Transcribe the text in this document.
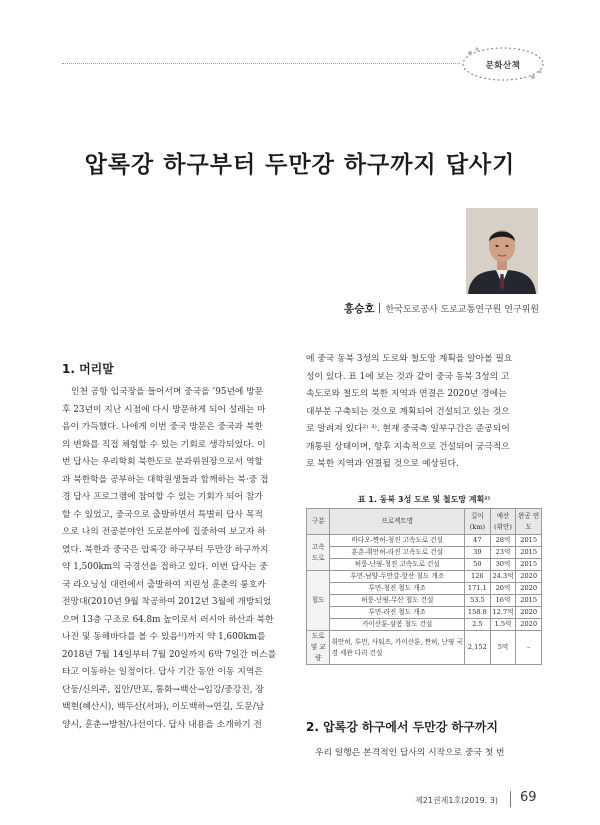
문화산책
압록강 하구부터 두만강 하구까지 답사기
홍승호 한국도로공사 도로교통연구원 연구위원
1. 머리말
인천 공항 입국장을 들어서며 중국을 ’95년에 방문
후 23년이 지난 시점에 다시 방문하게 되어 설레는 마
음이 가득했다. 나에게 이번 중국 방문은 중국과 북한
의 변화를 직접 체험할 수 있는 기회로 생각되었다. 이
번 답사는 우리학회 북한도로 분과위원장으로서 역할
과 북한학을 공부하는 대학원생들과 함께하는 북·중 접
경 답사 프로그램에 참여할 수 있는 기회가 되어 참가
할 수 있었고, 중국으로 출발하면서 특별히 답사 목적
으로 나의 전공분야인 도로분야에 집중하여 보고자 하
였다. 북한과 중국은 압록강 하구부터 두만강 하구까지
약 1,500km의 국경선을 접하고 있다. 이번 답사는 중
국 라오닝성 대련에서 출발하여 지린성 훈춘의 룽호카
전망대(2010년 9월 착공하여 2012년 3월에 개방되었
으며 13층 구조로 64.8m 높이로서 러시아 하산과 북한
나진 및 동해바다를 볼 수 있음¹⁾)까지 약 1,600km를
2018년 7월 14일부터 7월 20일까지 6박 7일간 버스를
타고 이동하는 일정이다. 답사 기간 동안 이동 지역은
단둥/신의주, 집안/만포, 통화→백산→임강/중강진, 장
백현(혜산시), 백두산(서파), 이도백하→연길, 도문/남
양시, 훈춘→방천/나선이다. 답사 내용을 소개하기 전
에 중국 동북 3성의 도로와 철도망 계획을 알아볼 필요
성이 있다. 표 1에 보는 것과 같이 중국 동북 3성의 고
속도로와 철도의 북한 지역과 연결은 2020년 경에는
대부분 구축되는 것으로 계획되어 건설되고 있는 것으
로 알려져 있다²⁾ ³⁾. 현재 중국측 일부구간은 준공되어
개통된 상태이며, 향후 지속적으로 건설되어 궁극적으
로 북한 지역과 연결될 것으로 예상된다.
표 1. 동북 3성 도로 및 철도망 계획²⁾
구분	프로젝트명	길이 (km)	예산 (위안)	완공 연도
고속 도로	바다오-짠허-청진 고속도로 건설	47	28억	2015
	훈춘-취안허-라진 고속도로 건설	39	23억	2015
	허룽-난핑-청진 고속도로 건설	50	30억	2015
철도	투먼-남양-두만강-핫산 철도 개조	126	24.3억	2020
	투먼-청진 철도 개조	171.1	20억	2020
	허룽-난핑-무산 철도 건설	53.5	16억	2015
	투먼-라진 철도 개조	158.8	12.7억	2020
	카이산툰-삼봉 철도 건설	2.5	1.5억	2020
도로 및 교량	취안허, 투먼, 사퉈즈, 카이산툰, 짠허, 난핑 국경 세관 다리 건설	2,152	5억	–
2. 압록강 하구에서 두만강 하구까지
우리 일행은 본격적인 답사의 시작으로 중국 첫 번
제21권제1호(2019. 3) 69
